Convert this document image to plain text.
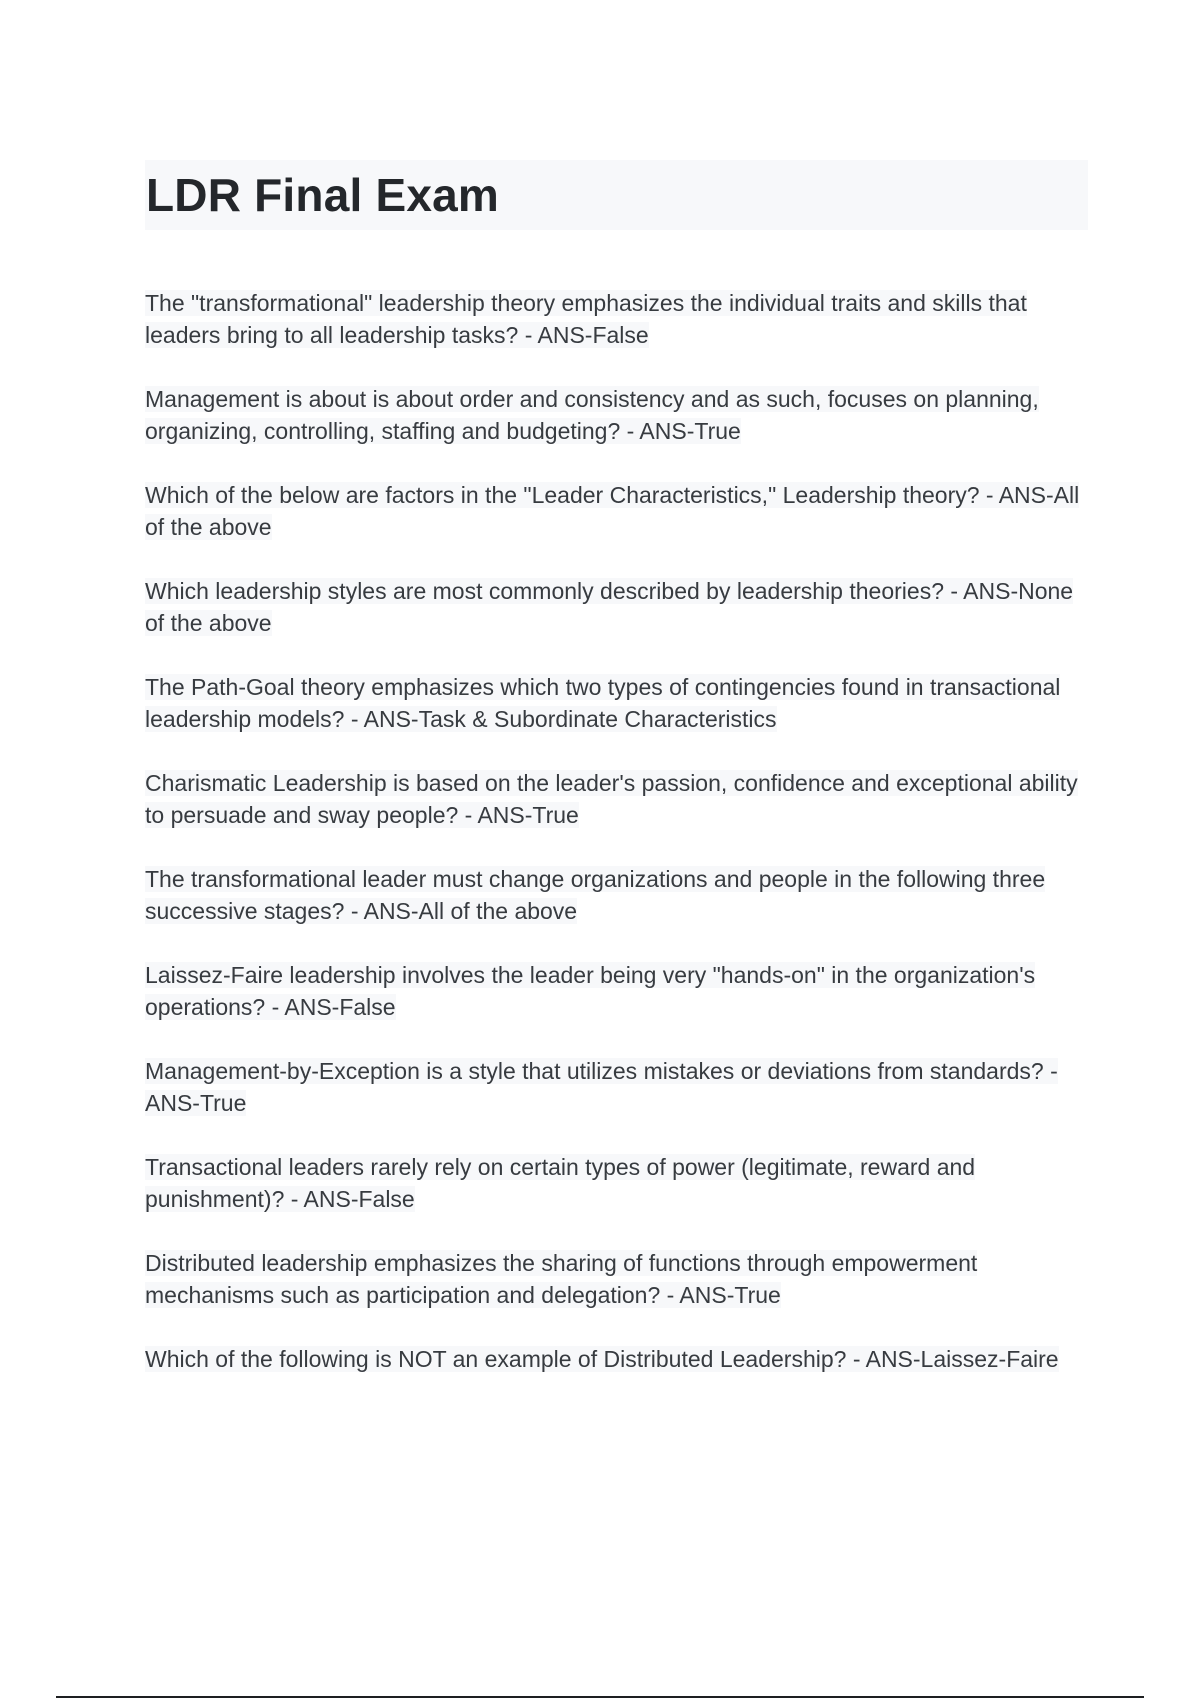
LDR Final Exam
The "transformational" leadership theory emphasizes the individual traits and skills that leaders bring to all leadership tasks? - ANS-False
Management is about is about order and consistency and as such, focuses on planning, organizing, controlling, staffing and budgeting? - ANS-True
Which of the below are factors in the "Leader Characteristics," Leadership theory? - ANS-All of the above
Which leadership styles are most commonly described by leadership theories? - ANS-None of the above
The Path-Goal theory emphasizes which two types of contingencies found in transactional leadership models? - ANS-Task & Subordinate Characteristics
Charismatic Leadership is based on the leader's passion, confidence and exceptional ability to persuade and sway people? - ANS-True
The transformational leader must change organizations and people in the following three successive stages? - ANS-All of the above
Laissez-Faire leadership involves the leader being very "hands-on" in the organization's operations? - ANS-False
Management-by-Exception is a style that utilizes mistakes or deviations from standards? - ANS-True
Transactional leaders rarely rely on certain types of power (legitimate, reward and punishment)? - ANS-False
Distributed leadership emphasizes the sharing of functions through empowerment mechanisms such as participation and delegation? - ANS-True
Which of the following is NOT an example of Distributed Leadership? - ANS-Laissez-Faire
